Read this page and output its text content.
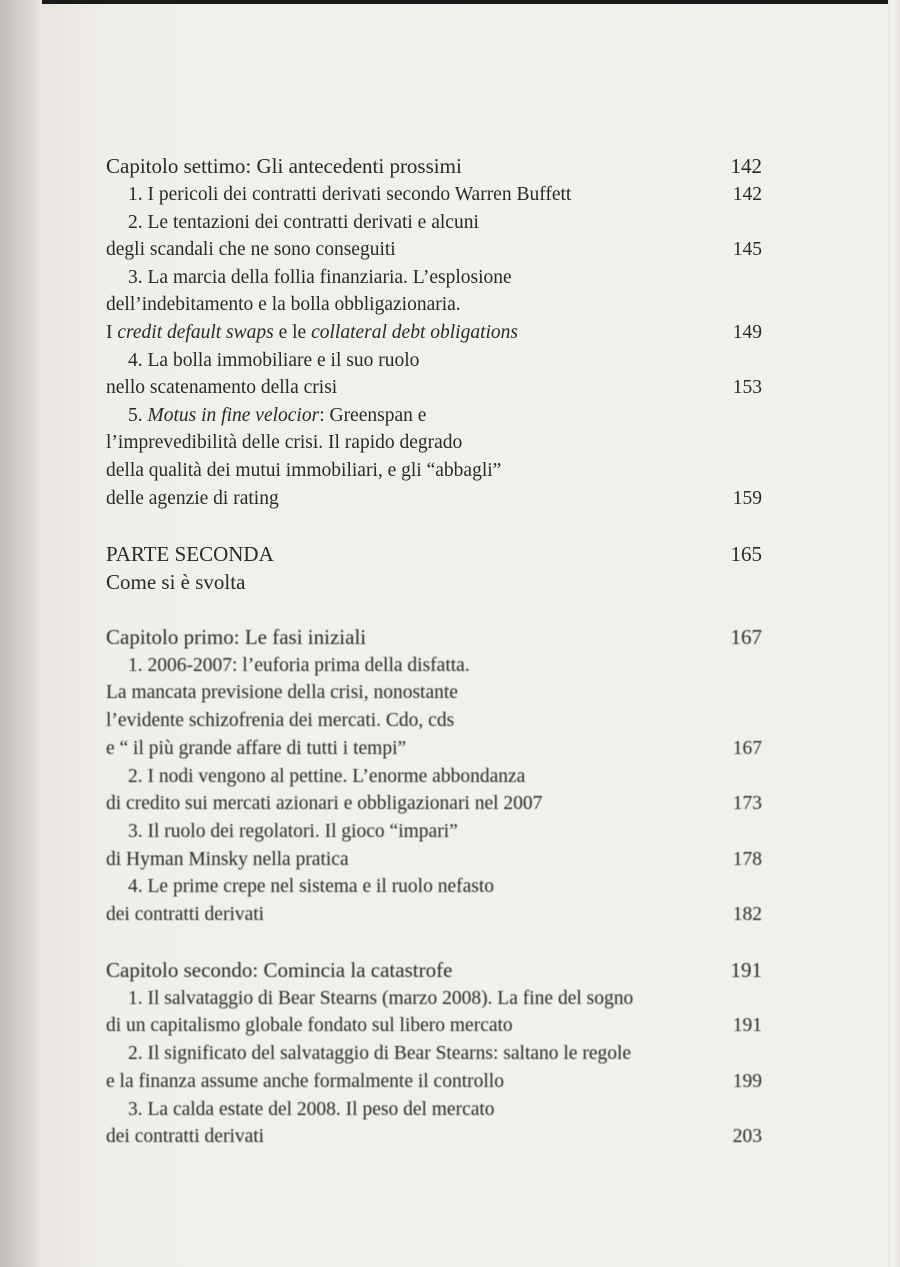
Capitolo settimo: Gli antecedenti prossimi	142
1. I pericoli dei contratti derivati secondo Warren Buffett	142
2. Le tentazioni dei contratti derivati e alcuni
degli scandali che ne sono conseguiti	145
3. La marcia della follia finanziaria. L’esplosione
dell’indebitamento e la bolla obbligazionaria.
I credit default swaps e le collateral debt obligations	149
4. La bolla immobiliare e il suo ruolo
nello scatenamento della crisi	153
5. Motus in fine velocior: Greenspan e
l’imprevedibilità delle crisi. Il rapido degrado
della qualità dei mutui immobiliari, e gli “abbagli”
delle agenzie di rating	159
PARTE SECONDA	165
Come si è svolta
Capitolo primo: Le fasi iniziali	167
1. 2006-2007: l’euforia prima della disfatta.
La mancata previsione della crisi, nonostante
l’evidente schizofrenia dei mercati. Cdo, cds
e “ il più grande affare di tutti i tempi”	167
2. I nodi vengono al pettine. L’enorme abbondanza
di credito sui mercati azionari e obbligazionari nel 2007	173
3. Il ruolo dei regolatori. Il gioco “impari”
di Hyman Minsky nella pratica	178
4. Le prime crepe nel sistema e il ruolo nefasto
dei contratti derivati	182
Capitolo secondo: Comincia la catastrofe	191
1. Il salvataggio di Bear Stearns (marzo 2008). La fine del sogno
di un capitalismo globale fondato sul libero mercato	191
2. Il significato del salvataggio di Bear Stearns: saltano le regole
e la finanza assume anche formalmente il controllo	199
3. La calda estate del 2008. Il peso del mercato
dei contratti derivati	203
